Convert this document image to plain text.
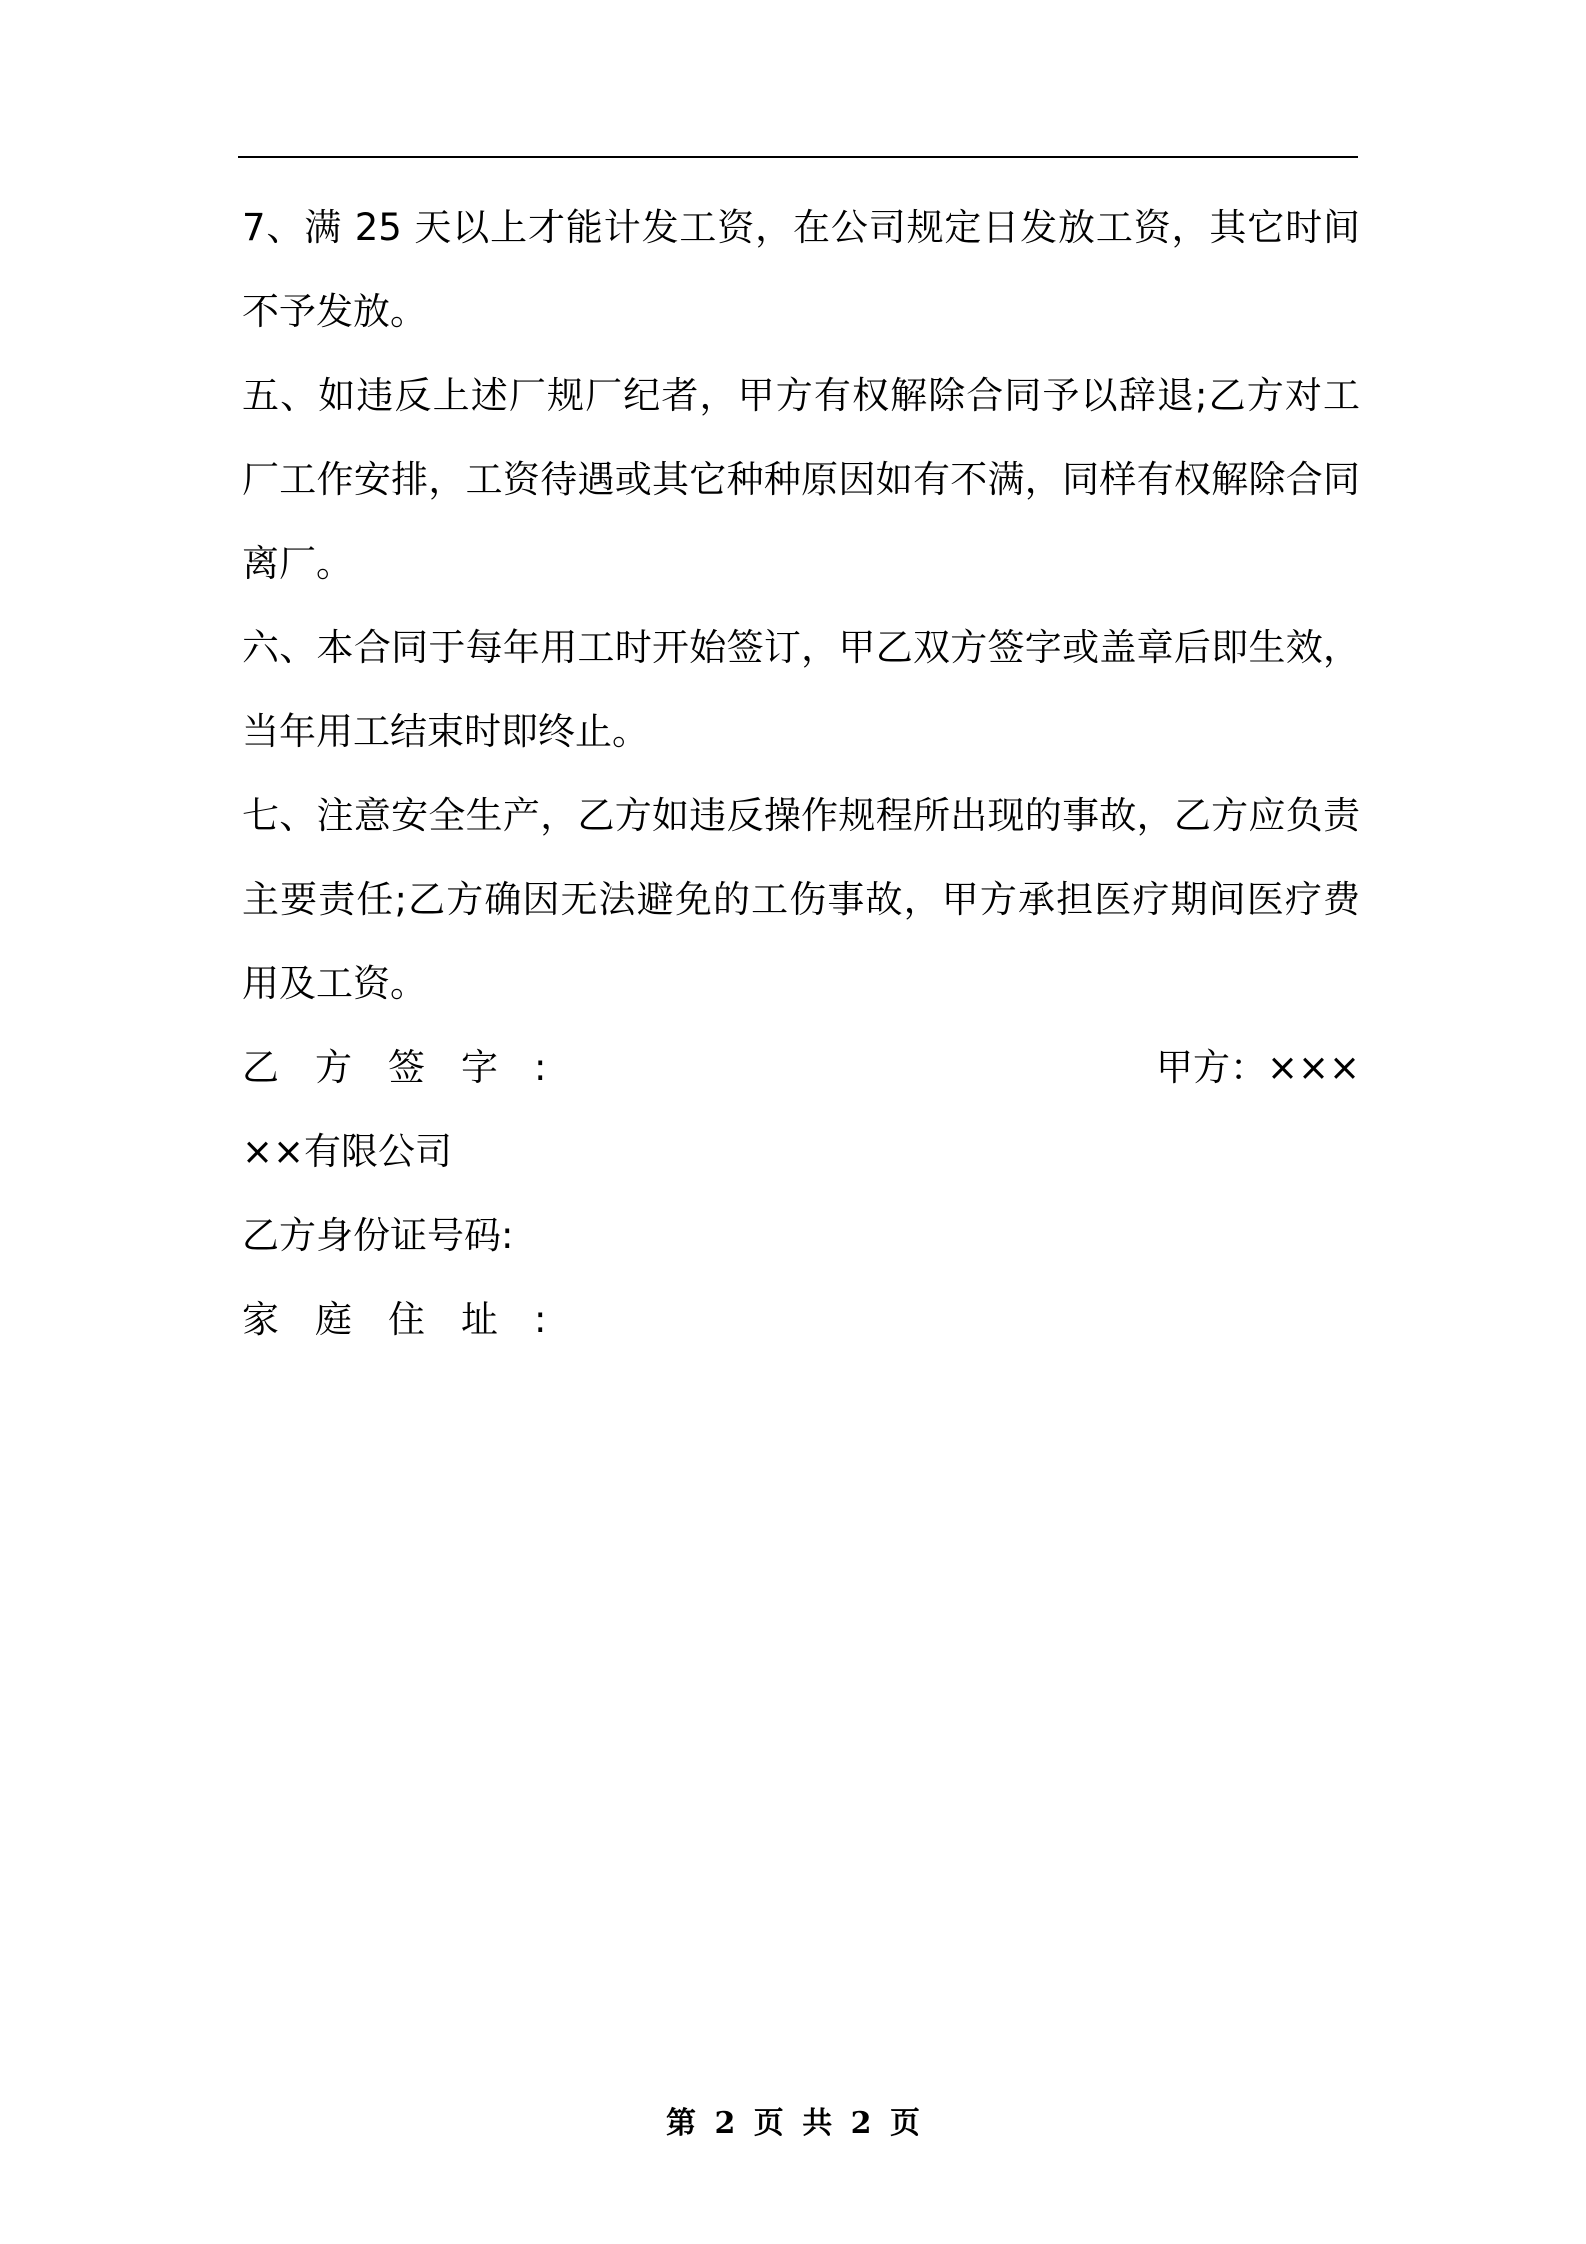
7、满 25 天以上才能计发工资，在公司规定日发放工资，其它时间
不予发放。
五、如违反上述厂规厂纪者，甲方有权解除合同予以辞退;乙方对工
厂工作安排，工资待遇或其它种种原因如有不满，同样有权解除合同
离厂。
六、本合同于每年用工时开始签订，甲乙双方签字或盖章后即生效，
当年用工结束时即终止。
七、注意安全生产，乙方如违反操作规程所出现的事故，乙方应负责
主要责任;乙方确因无法避免的工伤事故，甲方承担医疗期间医疗费
用及工资。
乙方签字:	甲方：×××
××有限公司
乙方身份证号码:
家庭住址:
第 2 页 共 2 页
